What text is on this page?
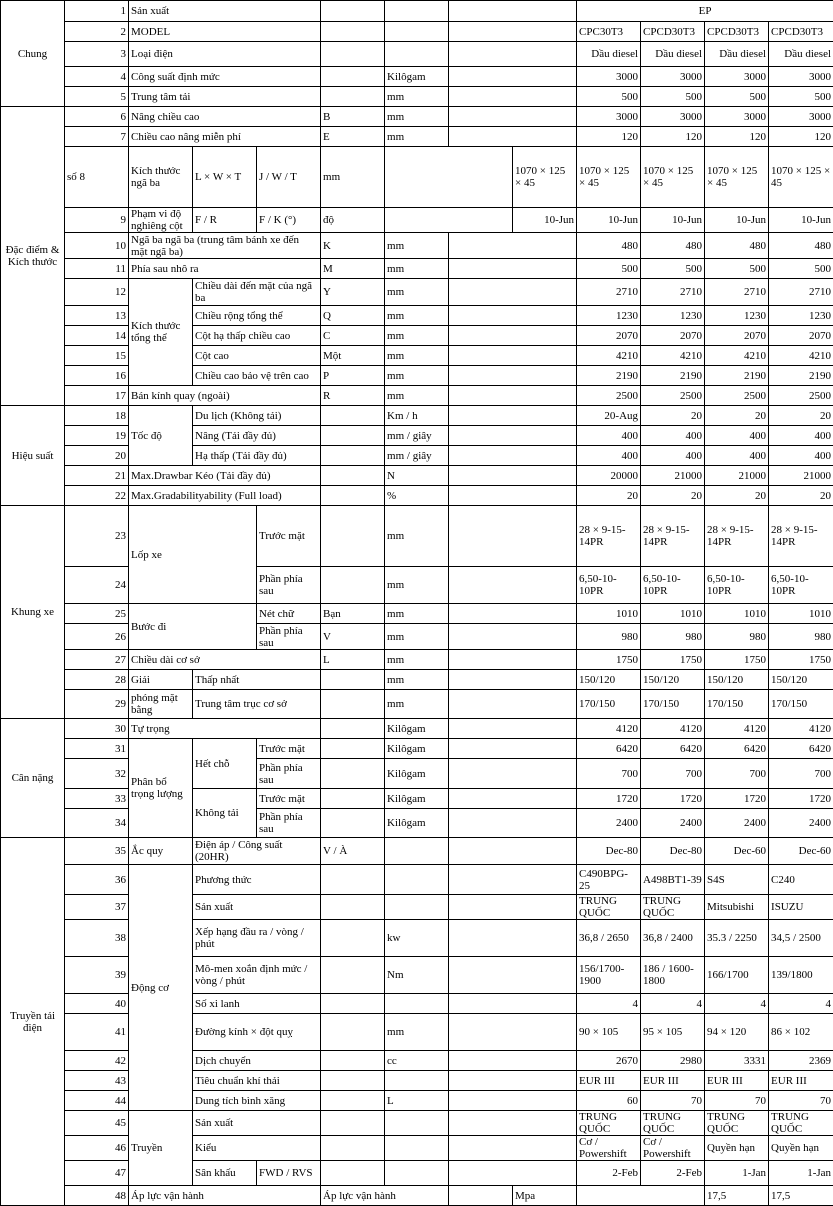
Chung	1	Sản xuất							EP				
	2	MODEL							CPC30T3	CPCD30T3	CPCD30T3	CPCD30T3		
	3	Loại điện							Dầu diesel	Dầu diesel	Dầu diesel	Dầu diesel		
	4	Công suất định mức				Kilôgam			3000	3000	3000	3000		
	5	Trung tâm tải				mm			500	500	500	500		
Đặc điểm & Kích thước	6	Nâng chiều cao			B	mm			3000	3000	3000	3000		
	7	Chiều cao nâng miễn phí			E	mm			120	120	120	120		
	số 8	Kích thước ngã ba	L × W × T	J / W / T	mm			1070 × 125 × 45	1070 × 125 × 45	1070 × 125 × 45	1070 × 125 × 45	1070 × 125 × 45	
	9	Phạm vi độ nghiêng cột	F / R	F / K (°)	độ			10-Jun	10-Jun	10-Jun	10-Jun	10-Jun	
	10	Ngã ba ngã ba (trung tâm bánh xe đến mặt ngã ba)			K	mm			480	480	480	480		
	11	Phía sau nhô ra			M	mm			500	500	500	500		
	12	Kích thước tổng thể	Chiều dài đến mặt của ngã ba		Y	mm			2710	2710	2710	2710		
	13		Chiều rộng tổng thể		Q	mm			1230	1230	1230	1230		
	14		Cột hạ thấp chiều cao		C	mm			2070	2070	2070	2070		
	15		Cột cao		Một	mm			4210	4210	4210	4210		
	16		Chiều cao bảo vệ trên cao		P	mm			2190	2190	2190	2190		
	17	Bán kính quay (ngoài)			R	mm			2500	2500	2500	2500		
Hiệu suất	18	Tốc độ	Du lịch (Không tải)			Km / h			20-Aug	20	20	20		
	19		Nâng (Tải đầy đủ)			mm / giây			400	400	400	400		
	20		Hạ thấp (Tải đầy đủ)			mm / giây			400	400	400	400		
	21	Max.Drawbar Kéo (Tải đầy đủ)				N			20000	21000	21000	21000		
	22	Max.Gradabilityability (Full load)				%			20	20	20	20		
Khung xe	23	Lốp xe		Trước mặt		mm			28 × 9-15-14PR	28 × 9-15-14PR	28 × 9-15-14PR	28 × 9-15-14PR		
	24			Phần phía sau		mm			6,50-10-10PR	6,50-10-10PR	6,50-10-10PR	6,50-10-10PR		
	25	Bước đi		Nét chữ	Bạn	mm			1010	1010	1010	1010		
	26			Phần phía sau	V	mm			980	980	980	980		
	27	Chiều dài cơ sở			L	mm			1750	1750	1750	1750		
	28	Giải	Thấp nhất			mm			150/120	150/120	150/120	150/120		
	29	phóng mặt bằng	Trung tâm trục cơ sở			mm			170/150	170/150	170/150	170/150		
Cân nặng	30	Tự trọng				Kilôgam			4120	4120	4120	4120		
	31	Phân bổ trọng lượng	Hết chỗ	Trước mặt		Kilôgam			6420	6420	6420	6420		
	32			Phần phía sau		Kilôgam			700	700	700	700		
	33		Không tải	Trước mặt		Kilôgam			1720	1720	1720	1720		
	34			Phần phía sau		Kilôgam			2400	2400	2400	2400		
Truyền tải điện	35	Ắc quy	Điện áp / Công suất (20HR)		V / À				Dec-80	Dec-80	Dec-60	Dec-60		
	36	Động cơ	Phương thức						C490BPG-25	A498BT1-39	S4S	C240		
	37		Sản xuất						TRUNG QUỐC	TRUNG QUỐC	Mitsubishi	ISUZU		
	38		Xếp hạng đầu ra / vòng / phút			kw			36,8 / 2650	36,8 / 2400	35.3 / 2250	34,5 / 2500		
	39		Mô-men xoắn định mức / vòng / phút			Nm			156/1700-1900	186 / 1600-1800	166/1700	139/1800		
	40		Số xi lanh						4	4	4	4		
	41		Đường kính × đột quỵ			mm			90 × 105	95 × 105	94 × 120	86 × 102		
	42		Dịch chuyển			cc			2670	2980	3331	2369		
	43		Tiêu chuẩn khí thải						EUR III	EUR III	EUR III	EUR III		
	44		Dung tích bình xăng			L			60	70	70	70		
	45	Truyền	Sản xuất						TRUNG QUỐC	TRUNG QUỐC	TRUNG QUỐC	TRUNG QUỐC		
	46		Kiểu						Cơ / Powershift	Cơ / Powershift	Quyền hạn	Quyền hạn		
	47		Sân khấu	FWD / RVS					2-Feb	2-Feb	1-Jan	1-Jan		
	48	Áp lực vận hành			Áp lực vận hành			Mpa			17,5	17,5				
